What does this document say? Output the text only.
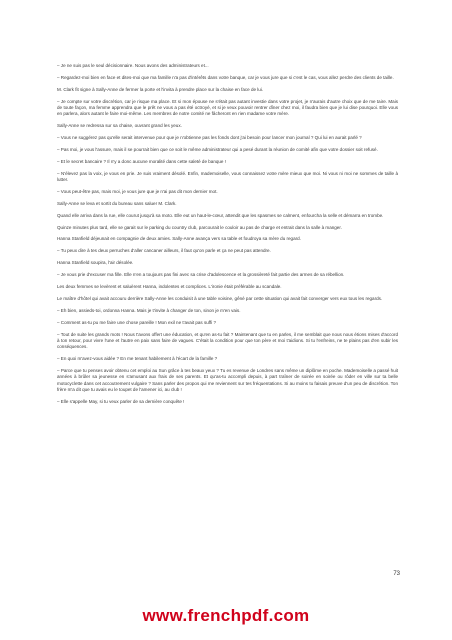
– Je ne suis pas le seul décisionnaire. Nous avons des administrateurs et...

– Regardez-moi bien en face et dites-moi que ma famille n'a pas d'intérêts dans votre banque, car je vous jure que si c'est le cas, vous allez perdre des clients de taille.

M. Clark fit signe à Sally-Anne de fermer la porte et l'invita à prendre place sur la chaise en face de lui.

– Je compte sur votre discrétion, car je risque ma place. Et si mon épouse ne s'était pas autant investie dans votre projet, je n'aurais d'autre choix que de me taire. Mais de toute façon, ma femme apprendra que le prêt ne vous a pas été octroyé, et si je veux pouvoir rentrer dîner chez moi, il faudra bien que je lui dise pourquoi. Elle vous en parlera, alors autant le faire moi-même. Les membres de notre comité ne fâcheront en rien madame votre mère.

Sally-Anne se redressa sur sa chaise, ouvrant grand les yeux.

– Vous ne suggérez pas qu'elle serait intervenue pour que je n'obtienne pas les fonds dont j'ai besoin pour lancer mon journal ? Qui lui en aurait parlé ?

– Pas moi, je vous l'assure, mais il se pourrait bien que ce soit le même administrateur qui a pesé durant la réunion de comité afin que votre dossier soit refusé.

– Et le secret bancaire ? Il n'y a donc aucune moralité dans cette saleté de banque !

– N'élevez pas la voix, je vous en prie. Je suis vraiment désolé. Enfin, mademoiselle, vous connaissez votre mère mieux que moi. Ni vous ni moi ne sommes de taille à lutter.

– Vous peut-être pas, mais moi, je vous jure que je n'ai pas dit mon dernier mot.

Sally-Anne se leva et sortit du bureau sans saluer M. Clark.

Quand elle arriva dans la rue, elle courut jusqu'à sa moto. Elle eut un haut-le-cœur, attendit que les spasmes se calment, enfourcha la selle et démarra en trombe.

Quinze minutes plus tard, elle se garait sur le parking du country club, parcourait le couloir au pas de charge et entrait dans la salle à manger.

Hanna Stanfield déjeunait en compagnie de deux amies. Sally-Anne avança vers sa table et foudroya sa mère du regard.

– Tu peux dire à tes deux perruches d'aller cancaner ailleurs, il faut qu'on parle et ça ne peut pas attendre.

Hanna Stanfield soupira, l'air désolée.

– Je vous prie d'excuser ma fille. Elle n'en a toujours pas fini avec sa crise d'adolescence et la grossièreté fait partie des armes de sa rébellion.

Les deux femmes se levèrent et saluèrent Hanna, indolentes et complices. L'ironie était préférable au scandale.

Le maître d'hôtel qui avait accouru derrière Sally-Anne les conduisit à une table voisine, gêné par cette situation qui avait fait converger vers eux tous les regards.

– Eh bien, assieds-toi, ordonna Hanna. Mais je t'invite à changer de ton, sinon je m'en vais.

– Comment as-tu pu me faire une chose pareille ! Mon exil ne t'avait pas suffi ?

– Tout de suite les grands mots ! Nous t'avons offert une éducation, et qu'en as-tu fait ? Maintenant que tu en parles, il me semblait que nous nous étions mises d'accord à ton retour, pour vivre l'une et l'autre en paix sans faire de vagues. C'était la condition pour que ton père et moi t'aidions. Si tu l'enfreins, ne te plains pas d'en subir les conséquences.

– En quoi m'avez-vous aidée ? En me tenant habilement à l'écart de la famille ?

– Parce que tu penses avoir obtenu cet emploi au Sun grâce à tes beaux yeux ? Tu es revenue de Londres sans même un diplôme en poche. Mademoiselle a passé huit années à brûler sa jeunesse en s'amusant aux frais de ses parents. Et qu'as-tu accompli depuis, à part traîner de soirée en soirée ou rôder en ville sur ta belle motocyclette dans cet accoutrement vulgaire ? Sans parler des propos qui me reviennent sur tes fréquentations. Si au moins tu faisais preuve d'un peu de discrétion. Ton frère m'a dit que tu avais eu le toupet de l'amener ici, au club !

– Elle s'appelle May, si tu veux parler de sa dernière conquête !

73
www.frenchpdf.com
